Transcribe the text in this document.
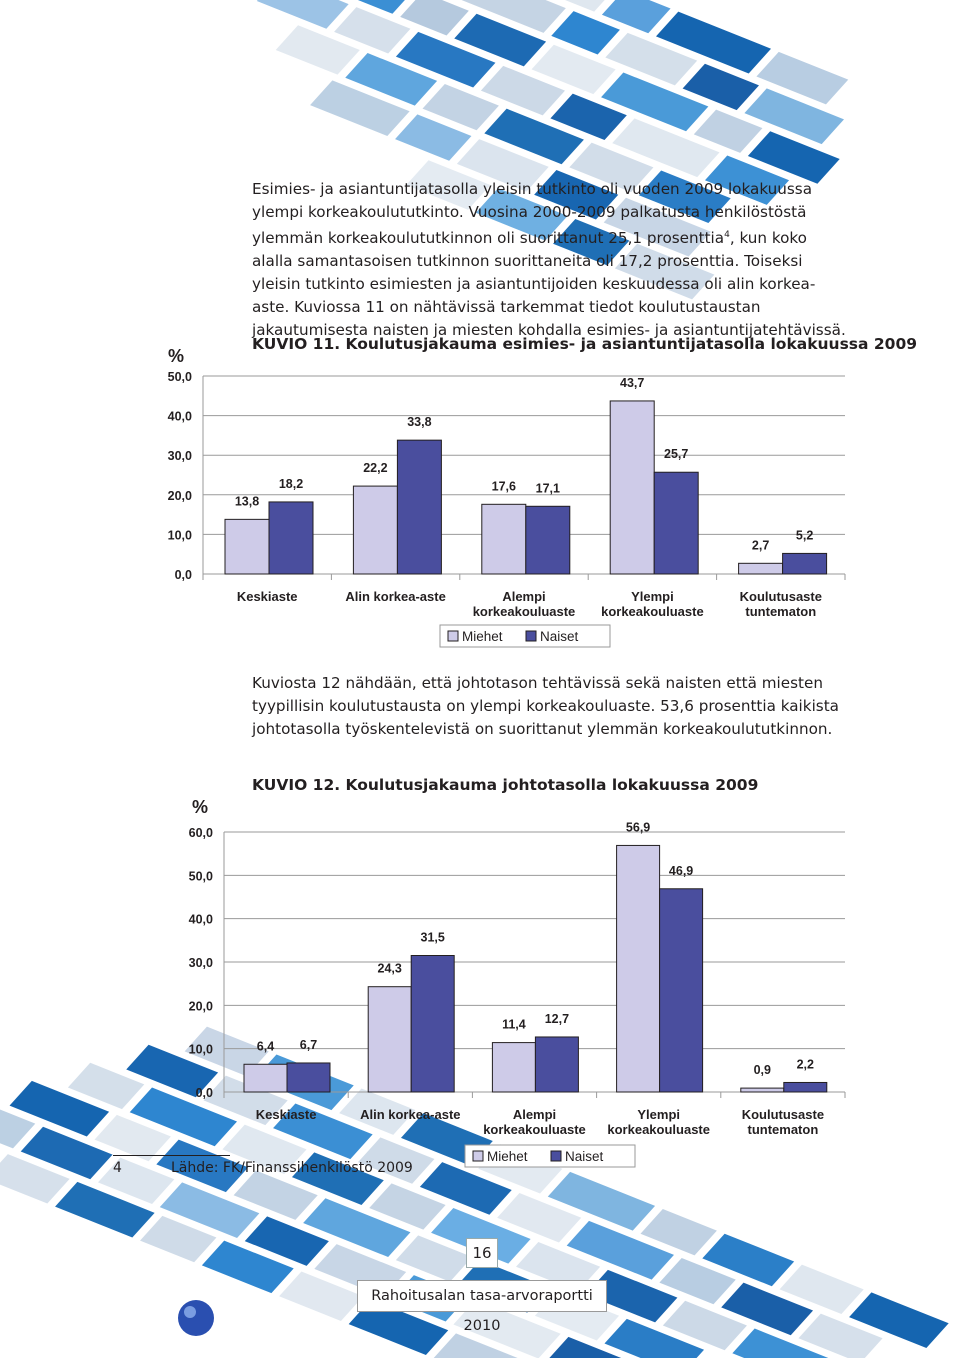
Esimies- ja asiantuntijatasolla yleisin tutkinto oli vuoden 2009 lokakuussa ylempi korkeakoulututkinto. Vuosina 2000-2009 palkatusta henkilöstöstä ylemmän korkeakoulututkinnon oli suorittanut 25,1 prosenttia$^4$, kun koko alalla samantasoisen tutkinnon suorittaneita oli 17,2 prosenttia. Toiseksi yleisin tutkinto esimiesten ja asiantuntijoiden keskuudessa oli alin korkea-aste. Kuviossa 11 on nähtävissä tarkemmat tiedot koulutustaustan jakautumisesta naisten ja miesten kohdalla esimies- ja asiantuntijatehtävissä.

KUVIO 11. Koulutusjakauma esimies- ja asiantuntijatasolla lokakuussa 2009

%
0,0
10,0
20,0
30,0
40,0
50,0
13,8
18,2
Keskiaste
22,2
33,8
Alin korkea-aste
17,6 17,1
Alempi
korkeakouluaste
43,7
25,7
Ylempi
korkeakouluaste
2,7
5,2
Koulutusaste
tuntematon
Miehet	Naiset

Kuviosta 12 nähdään, että johtotason tehtävissä sekä naisten että miesten tyypillisin koulutustausta on ylempi korkeakouluaste. 53,6 prosenttia kaikista johtotasolla työskentelevistä on suorittanut ylemmän korkeakoulututkinnon.

KUVIO 12. Koulutusjakauma johtotasolla lokakuussa 2009

%
0,0
10,0
20,0
30,0
40,0
50,0
60,0
6,4 6,7
Keskiaste
24,3
31,5
Alin korkea-aste
11,4 12,7
Alempi
korkeakouluaste
56,9
46,9
Ylempi
korkeakouluaste
0,9 2,2
Koulutusaste
tuntematon
Miehet	Naiset
4	Lähde: FK/Finanssihenkilöstö 2009
16
Rahoitusalan tasa-arvoraportti 2010
